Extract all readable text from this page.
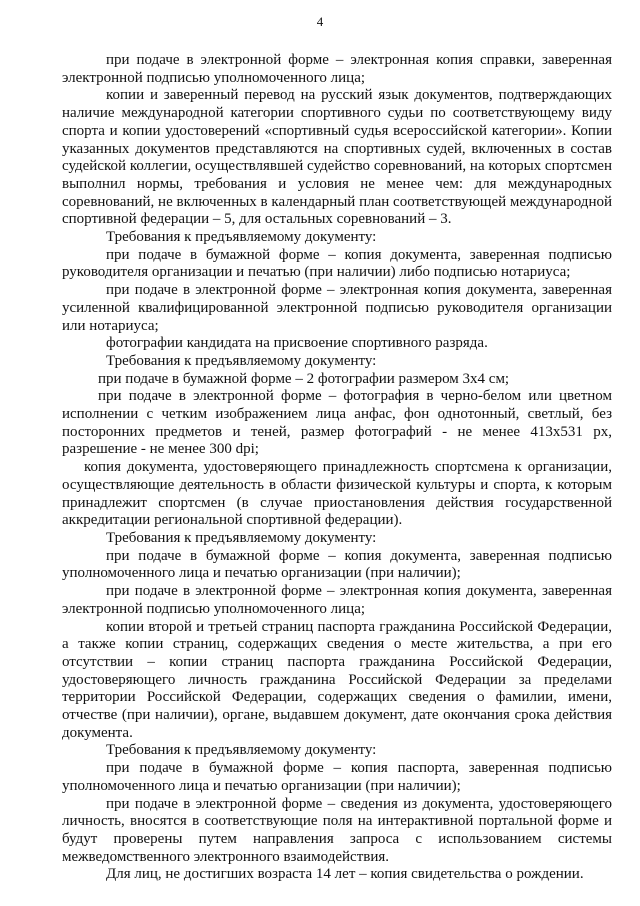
4

при подаче в электронной форме – электронная копия справки, заверенная электронной подписью уполномоченного лица;

копии и заверенный перевод на русский язык документов, подтверждающих наличие международной категории спортивного судьи по соответствующему виду спорта и копии удостоверений «спортивный судья всероссийской категории». Копии указанных документов представляются на спортивных судей, включенных в состав судейской коллегии, осуществлявшей судейство соревнований, на которых спортсмен выполнил нормы, требования и условия не менее чем: для международных соревнований, не включенных в календарный план соответствующей международной спортивной федерации – 5, для остальных соревнований – 3.

Требования к предъявляемому документу:

при подаче в бумажной форме – копия документа, заверенная подписью руководителя организации и печатью (при наличии) либо подписью нотариуса;

при подаче в электронной форме – электронная копия документа, заверенная усиленной квалифицированной электронной подписью руководителя организации или нотариуса;

фотографии кандидата на присвоение спортивного разряда.

Требования к предъявляемому документу:

при подаче в бумажной форме – 2 фотографии размером 3х4 см;

при подаче в электронной форме – фотография в черно-белом или цветном исполнении с четким изображением лица анфас, фон однотонный, светлый, без посторонних предметов и теней, размер фотографий - не менее 413х531 px, разрешение - не менее 300 dpi;

копия документа, удостоверяющего принадлежность спортсмена к организации, осуществляющие деятельность в области физической культуры и спорта, к которым принадлежит спортсмен (в случае приостановления действия государственной аккредитации региональной спортивной федерации).

Требования к предъявляемому документу:

при подаче в бумажной форме – копия документа, заверенная подписью уполномоченного лица и печатью организации (при наличии);

при подаче в электронной форме – электронная копия документа, заверенная электронной подписью уполномоченного лица;

копии второй и третьей страниц паспорта гражданина Российской Федерации, а также копии страниц, содержащих сведения о месте жительства, а при его отсутствии – копии страниц паспорта гражданина Российской Федерации, удостоверяющего личность гражданина Российской Федерации за пределами территории Российской Федерации, содержащих сведения о фамилии, имени, отчестве (при наличии), органе, выдавшем документ, дате окончания срока действия документа.

Требования к предъявляемому документу:

при подаче в бумажной форме – копия паспорта, заверенная подписью уполномоченного лица и печатью организации (при наличии);

при подаче в электронной форме – сведения из документа, удостоверяющего личность, вносятся в соответствующие поля на интерактивной портальной форме и будут проверены путем направления запроса с использованием системы межведомственного электронного взаимодействия.

Для лиц, не достигших возраста 14 лет – копия свидетельства о рождении.
